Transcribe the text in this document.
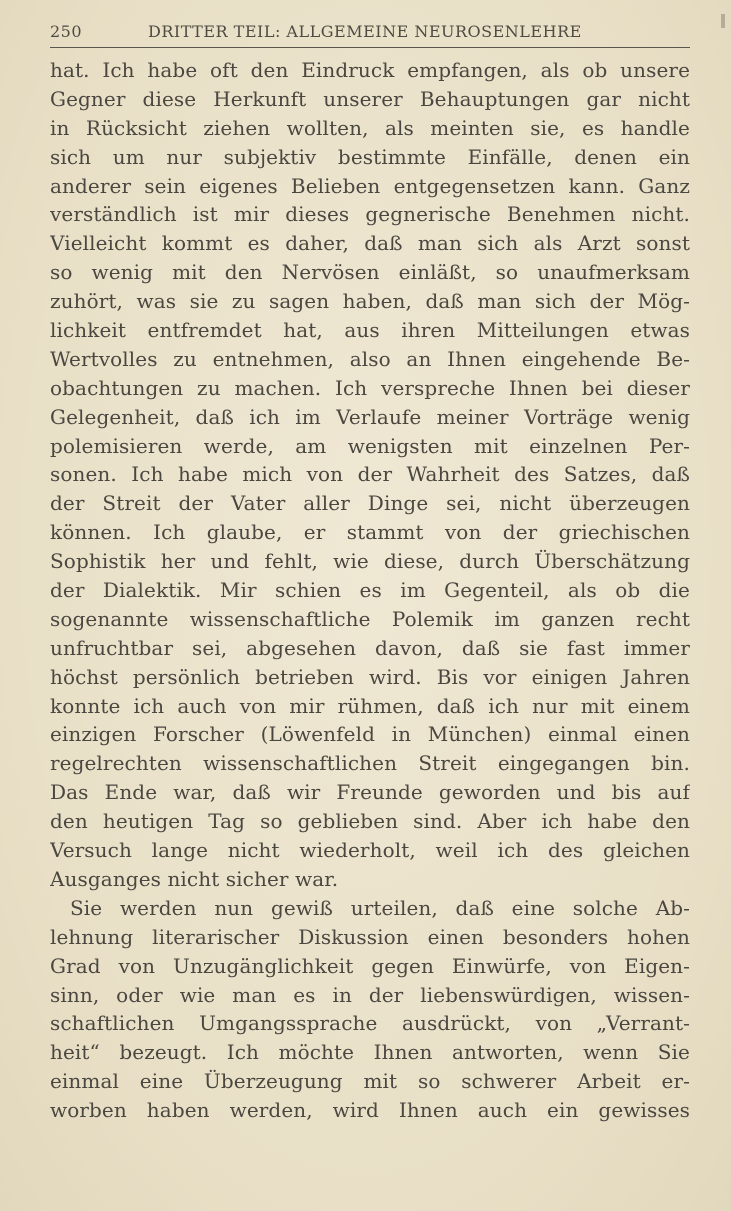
250	DRITTER TEIL: ALLGEMEINE NEUROSENLEHRE
hat. Ich habe oft den Eindruck empfangen, als ob unsere
Gegner diese Herkunft unserer Behauptungen gar nicht
in Rücksicht ziehen wollten, als meinten sie, es handle
sich um nur subjektiv bestimmte Einfälle, denen ein
anderer sein eigenes Belieben entgegensetzen kann. Ganz
verständlich ist mir dieses gegnerische Benehmen nicht.
Vielleicht kommt es daher, daß man sich als Arzt sonst
so wenig mit den Nervösen einläßt, so unaufmerksam
zuhört, was sie zu sagen haben, daß man sich der Mög-
lichkeit entfremdet hat, aus ihren Mitteilungen etwas
Wertvolles zu entnehmen, also an Ihnen eingehende Be-
obachtungen zu machen. Ich verspreche Ihnen bei dieser
Gelegenheit, daß ich im Verlaufe meiner Vorträge wenig
polemisieren werde, am wenigsten mit einzelnen Per-
sonen. Ich habe mich von der Wahrheit des Satzes, daß
der Streit der Vater aller Dinge sei, nicht überzeugen
können. Ich glaube, er stammt von der griechischen
Sophistik her und fehlt, wie diese, durch Überschätzung
der Dialektik. Mir schien es im Gegenteil, als ob die
sogenannte wissenschaftliche Polemik im ganzen recht
unfruchtbar sei, abgesehen davon, daß sie fast immer
höchst persönlich betrieben wird. Bis vor einigen Jahren
konnte ich auch von mir rühmen, daß ich nur mit einem
einzigen Forscher (Löwenfeld in München) einmal einen
regelrechten wissenschaftlichen Streit eingegangen bin.
Das Ende war, daß wir Freunde geworden und bis auf
den heutigen Tag so geblieben sind. Aber ich habe den
Versuch lange nicht wiederholt, weil ich des gleichen
Ausganges nicht sicher war.
Sie werden nun gewiß urteilen, daß eine solche Ab-
lehnung literarischer Diskussion einen besonders hohen
Grad von Unzugänglichkeit gegen Einwürfe, von Eigen-
sinn, oder wie man es in der liebenswürdigen, wissen-
schaftlichen Umgangssprache ausdrückt, von „Verrant-
heit“ bezeugt. Ich möchte Ihnen antworten, wenn Sie
einmal eine Überzeugung mit so schwerer Arbeit er-
worben haben werden, wird Ihnen auch ein gewisses
